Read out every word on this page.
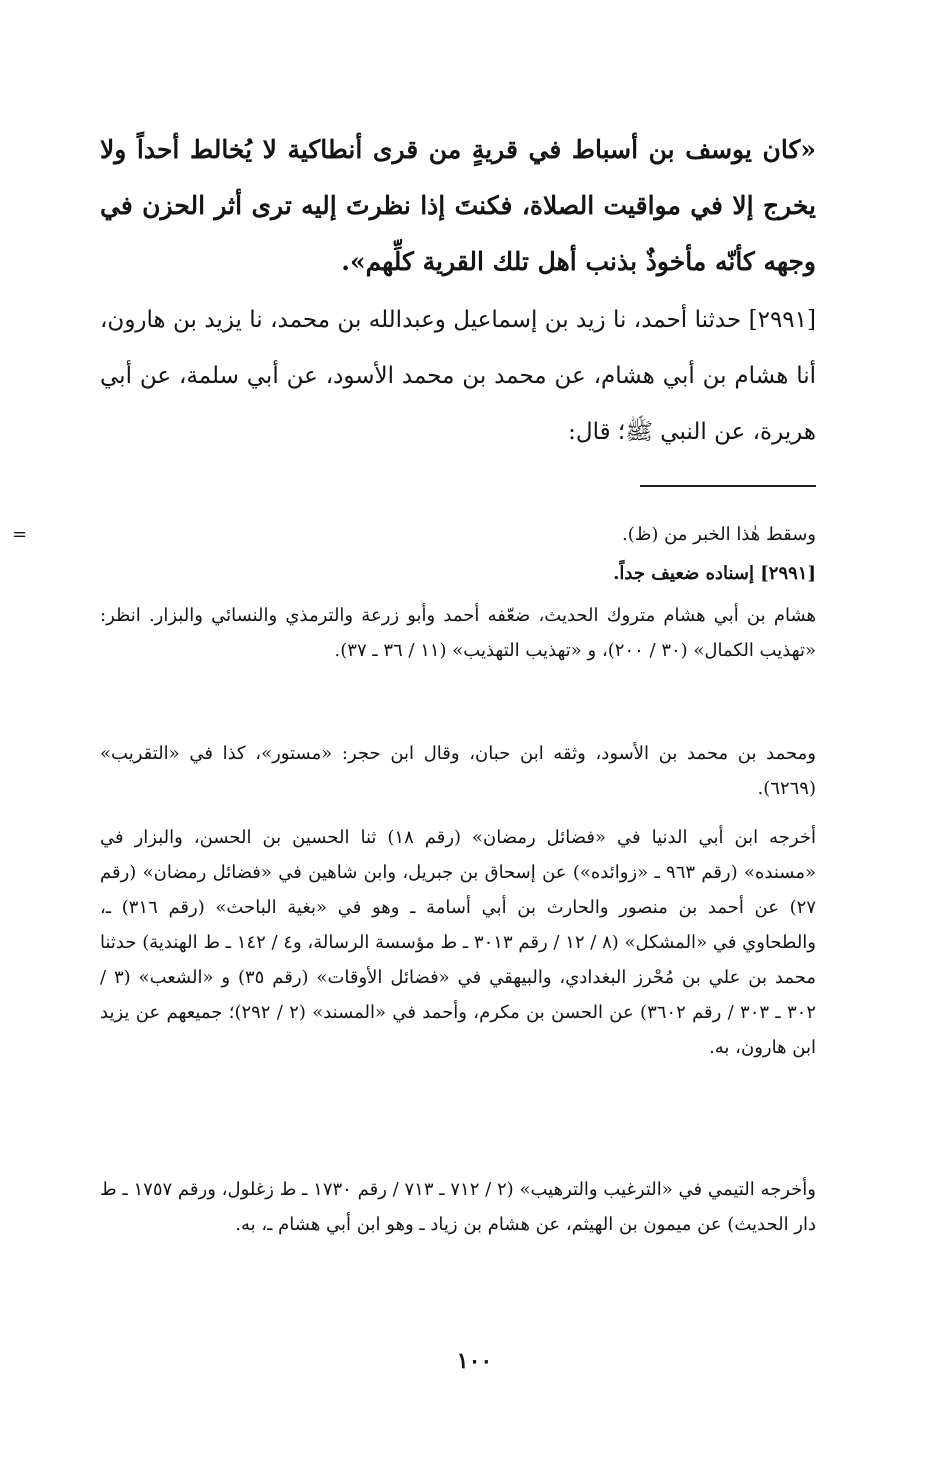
«كان يوسف بن أسباط في قريةٍ من قرى أنطاكية لا يُخالط أحداً ولا يخرج إلا في مواقيت الصلاة، فكنتَ إذا نظرتَ إليه ترى أثر الحزن في وجهه كأنّه مأخوذٌ بذنب أهل تلك القرية كلِّهم».

[٢٩٩١] حدثنا أحمد، نا زيد بن إسماعيل وعبدالله بن محمد، نا يزيد بن هارون، أنا هشام بن أبي هشام، عن محمد بن محمد الأسود، عن أبي سلمة، عن أبي هريرة، عن النبي ﷺ؛ قال:

وسقط هٰذا الخبر من (ظ).
=
[٢٩٩١] إسناده ضعيف جداً.

هشام بن أبي هشام متروك الحديث، ضعّفه أحمد وأبو زرعة والترمذي والنسائي والبزار. انظر: «تهذيب الكمال» (٣٠ / ٢٠٠)، و «تهذيب التهذيب» (١١ / ٣٦ ـ ٣٧).

ومحمد بن محمد بن الأسود، وثقه ابن حبان، وقال ابن حجر: «مستور»، كذا في «التقريب» (٦٢٦٩).

أخرجه ابن أبي الدنيا في «فضائل رمضان» (رقم ١٨) ثنا الحسين بن الحسن، والبزار في «مسنده» (رقم ٩٦٣ ـ «زوائده») عن إسحاق بن جبريل، وابن شاهين في «فضائل رمضان» (رقم ٢٧) عن أحمد بن منصور والحارث بن أبي أسامة ـ وهو في «بغية الباحث» (رقم ٣١٦) ـ، والطحاوي في «المشكل» (٨ / ١٢ / رقم ٣٠١٣ ـ ط مؤسسة الرسالة، و٤ / ١٤٢ ـ ط الهندية) حدثنا محمد بن علي بن مُحْرز البغدادي، والبيهقي في «فضائل الأوقات» (رقم ٣٥) و «الشعب» (٣ / ٣٠٢ ـ ٣٠٣ / رقم ٣٦٠٢) عن الحسن بن مكرم، وأحمد في «المسند» (٢ / ٢٩٢)؛ جميعهم عن يزيد ابن هارون، به.

وأخرجه التيمي في «الترغيب والترهيب» (٢ / ٧١٢ ـ ٧١٣ / رقم ١٧٣٠ ـ ط زغلول، ورقم ١٧٥٧ ـ ط دار الحديث) عن ميمون بن الهيثم، عن هشام بن زياد ـ وهو ابن أبي هشام ـ، به.

١٠٠
